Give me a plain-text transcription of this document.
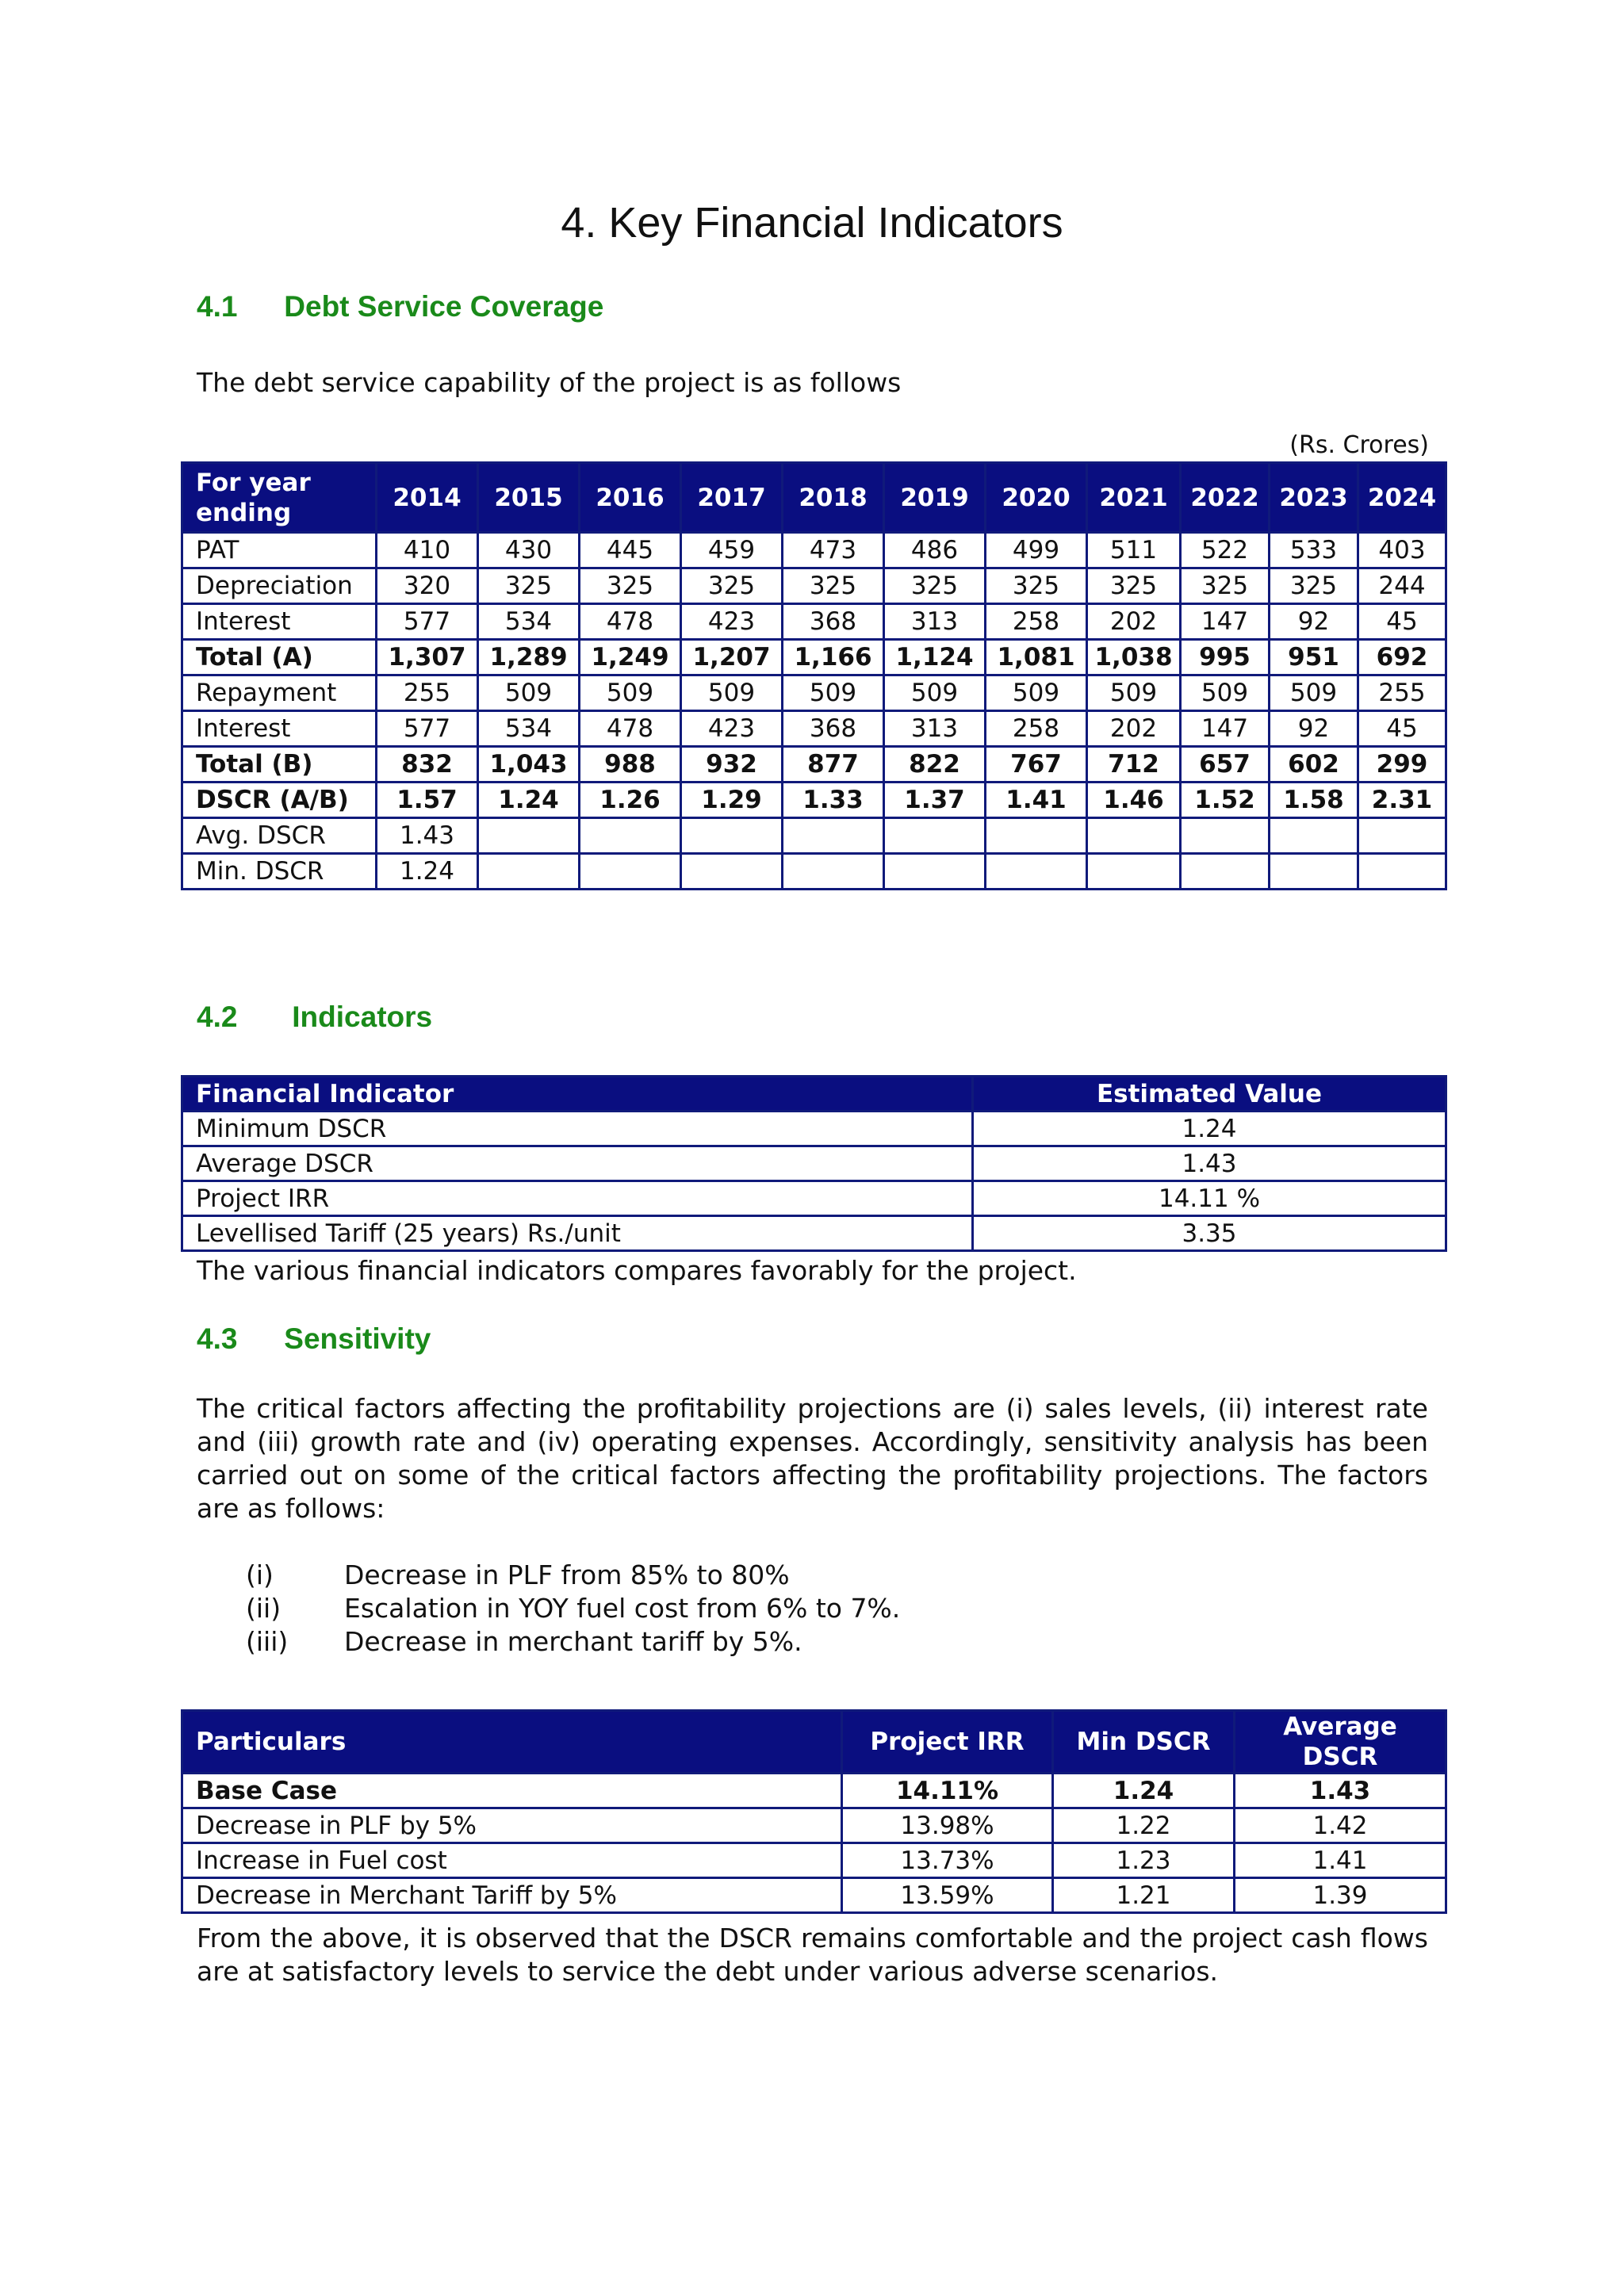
4. Key Financial Indicators
4.1 Debt Service Coverage

The debt service capability of the project is as follows

(Rs. Crores)
For year ending	2014	2015	2016	2017	2018	2019	2020	2021	2022	2023	2024
PAT	410	430	445	459	473	486	499	511	522	533	403
Depreciation	320	325	325	325	325	325	325	325	325	325	244
Interest	577	534	478	423	368	313	258	202	147	92	45
Total (A)	1,307	1,289	1,249	1,207	1,166	1,124	1,081	1,038	995	951	692
Repayment	255	509	509	509	509	509	509	509	509	509	255
Interest	577	534	478	423	368	313	258	202	147	92	45
Total (B)	832	1,043	988	932	877	822	767	712	657	602	299
DSCR (A/B)	1.57	1.24	1.26	1.29	1.33	1.37	1.41	1.46	1.52	1.58	2.31
Avg. DSCR	1.43										
Min. DSCR	1.24										
4.2 Indicators
Financial Indicator	Estimated Value
Minimum DSCR	1.24
Average DSCR	1.43
Project IRR	14.11 %
Levellised Tariff (25 years) Rs./unit	3.35

The various financial indicators compares favorably for the project.

4.3 Sensitivity

The critical factors affecting the profitability projections are (i) sales levels, (ii) interest rate and (iii) growth rate and (iv) operating expenses. Accordingly, sensitivity analysis has been carried out on some of the critical factors affecting the profitability projections. The factors are as follows:

(i)	Decrease in PLF from 85% to 80%
(ii)	Escalation in YOY fuel cost from 6% to 7%.
(iii)	Decrease in merchant tariff by 5%.
Particulars	Project IRR	Min DSCR	Average DSCR
Base Case	14.11%	1.24	1.43
Decrease in PLF by 5%	13.98%	1.22	1.42
Increase in Fuel cost	13.73%	1.23	1.41
Decrease in Merchant Tariff by 5%	13.59%	1.21	1.39

From the above, it is observed that the DSCR remains comfortable and the project cash flows are at satisfactory levels to service the debt under various adverse scenarios.
